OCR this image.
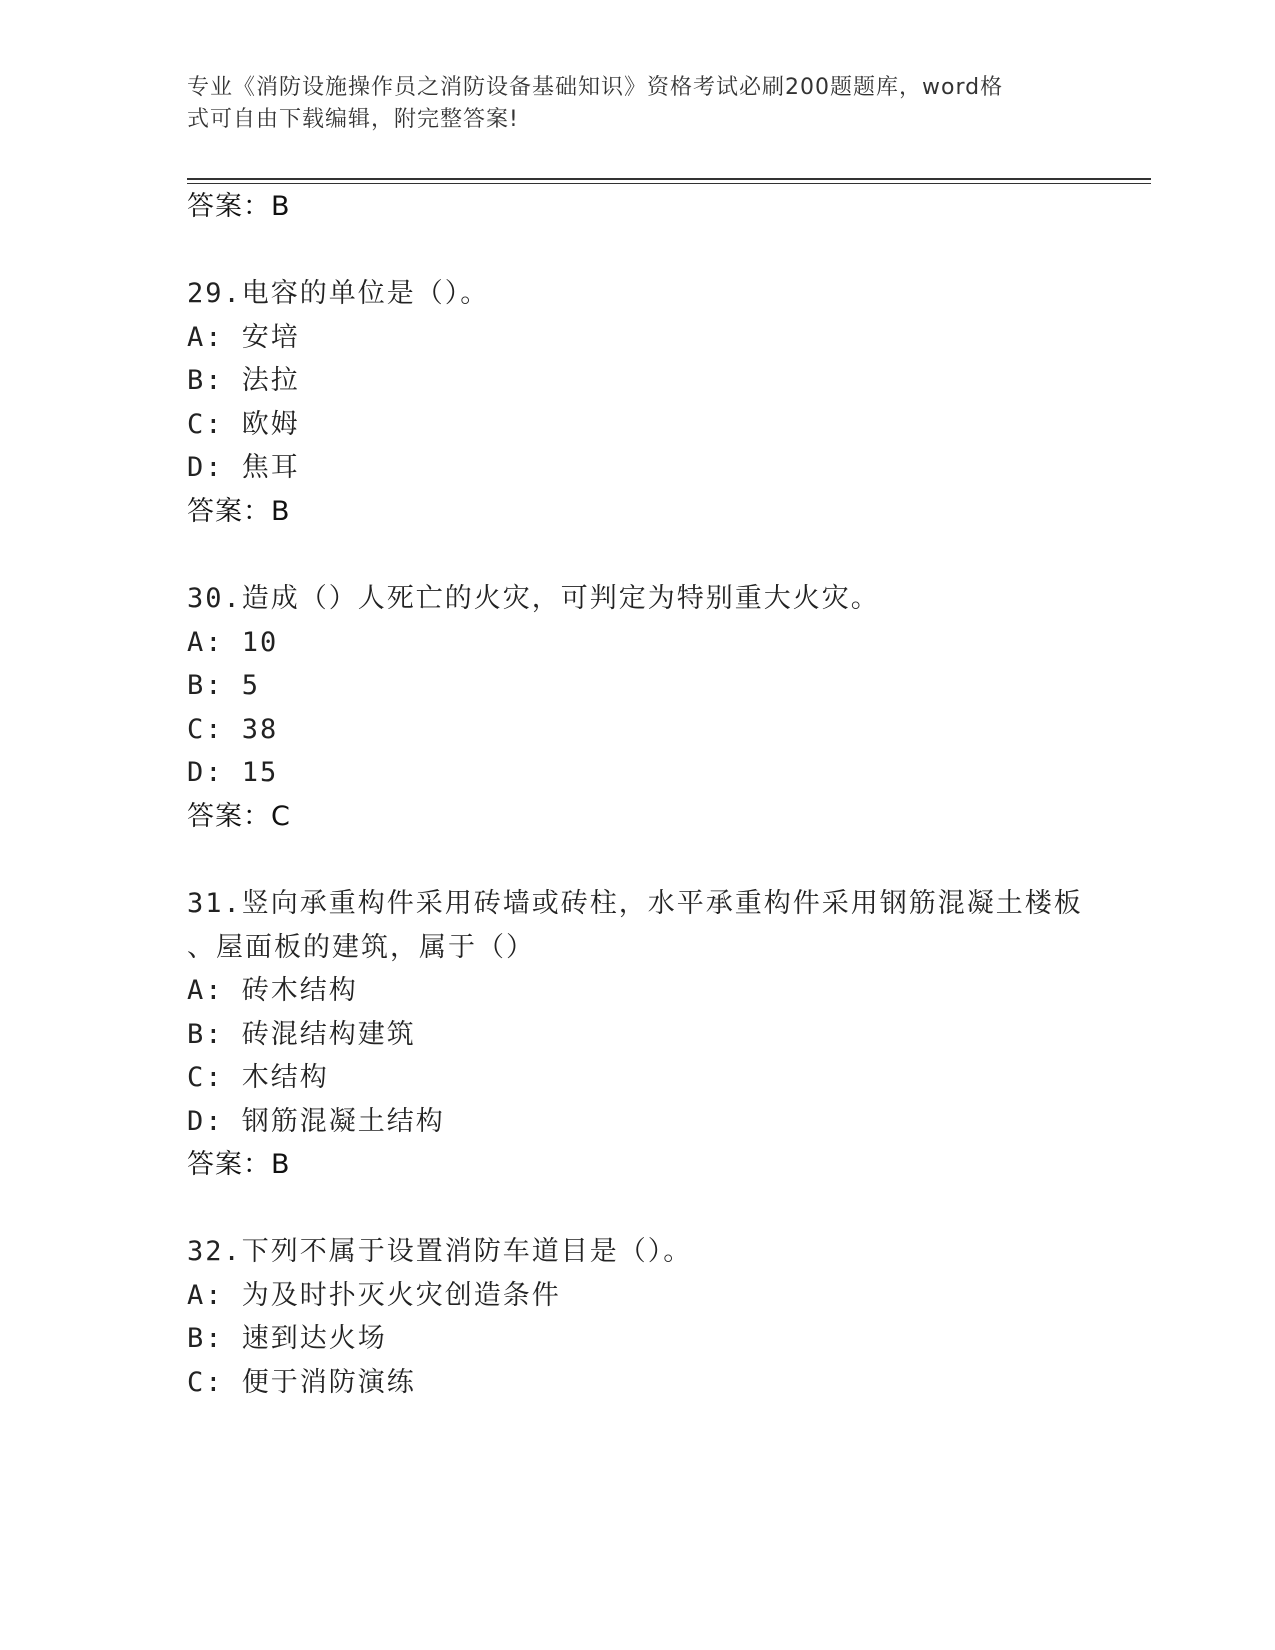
专业《消防设施操作员之消防设备基础知识》资格考试必刷200题题库，word格
式可自由下载编辑，附完整答案!
答案：B
29.电容的单位是（）。
A: 安培
B: 法拉
C: 欧姆
D: 焦耳
答案：B
30.造成（）人死亡的火灾，可判定为特别重大火灾。
A: 10
B: 5
C: 38
D: 15
答案：C
31.竖向承重构件采用砖墙或砖柱，水平承重构件采用钢筋混凝土楼板
、屋面板的建筑，属于（）
A: 砖木结构
B: 砖混结构建筑
C: 木结构
D: 钢筋混凝土结构
答案：B
32.下列不属于设置消防车道目是（）。
A: 为及时扑灭火灾创造条件
B: 速到达火场
C: 便于消防演练
